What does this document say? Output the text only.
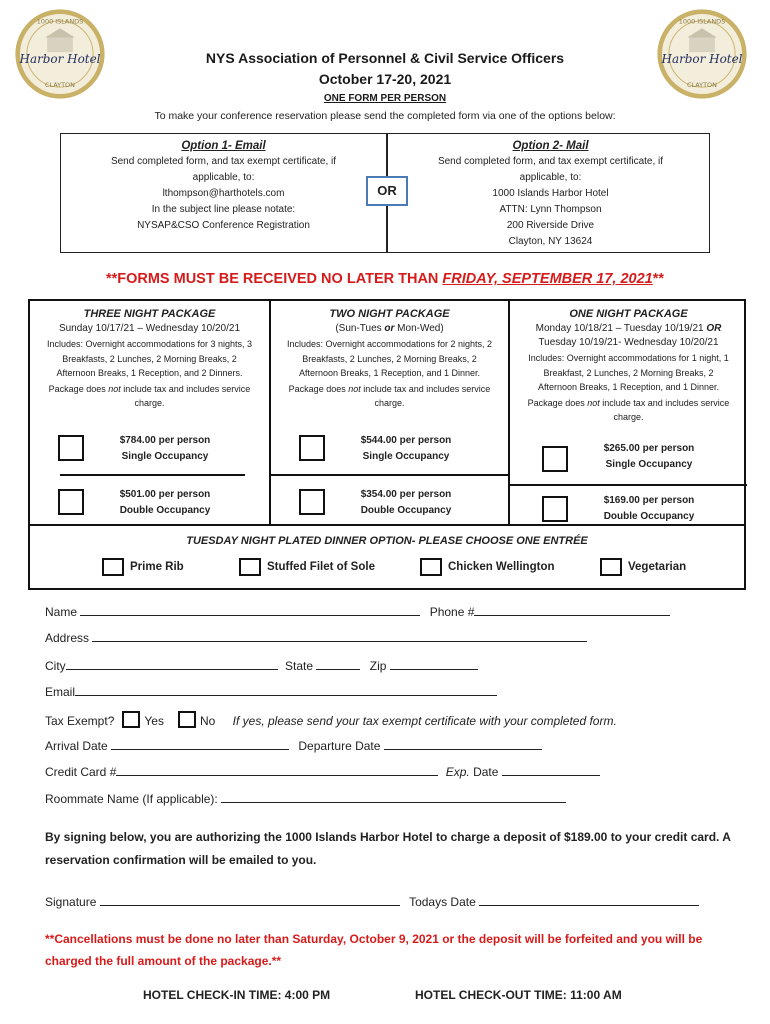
Harbor Hotel
1000 ISLANDS
CLAYTON
Harbor Hotel
1000 ISLANDS
CLAYTON
NYS Association of Personnel & Civil Service Officers
October 17-20, 2021
ONE FORM PER PERSON
To make your conference reservation please send the completed form via one of the options below:
Option 1- Email
Send completed form, and tax exempt certificate, if
applicable, to:
lthompson@harthotels.com
In the subject line please notate:
NYSAP&CSO Conference Registration
Option 2- Mail
Send completed form, and tax exempt certificate, if
applicable, to:
1000 Islands Harbor Hotel
ATTN: Lynn Thompson
200 Riverside Drive
Clayton, NY 13624
OR
**FORMS MUST BE RECEIVED NO LATER THAN FRIDAY, SEPTEMBER 17, 2021**
THREE NIGHT PACKAGE
Sunday 10/17/21 – Wednesday 10/20/21
Includes: Overnight accommodations for 3 nights, 3 Breakfasts, 2 Lunches, 2 Morning Breaks, 2 Afternoon Breaks, 1 Reception, and 2 Dinners.
Package does not include tax and includes service charge.
$784.00 per person
Single Occupancy
$501.00 per person
Double Occupancy
TWO NIGHT PACKAGE
(Sun-Tues or Mon-Wed)
Includes: Overnight accommodations for 2 nights, 2 Breakfasts, 2 Lunches, 2 Morning Breaks, 2 Afternoon Breaks, 1 Reception, and 1 Dinner.
Package does not include tax and includes service charge.
$544.00 per person
Single Occupancy
$354.00 per person
Double Occupancy
ONE NIGHT PACKAGE
Monday 10/18/21 – Tuesday 10/19/21 OR
Tuesday 10/19/21- Wednesday 10/20/21
Includes: Overnight accommodations for 1 night, 1 Breakfast, 2 Lunches, 2 Morning Breaks, 2 Afternoon Breaks, 1 Reception, and 1 Dinner.
Package does not include tax and includes service charge.
$265.00 per person
Single Occupancy
$169.00 per person
Double Occupancy
TUESDAY NIGHT PLATED DINNER OPTION- PLEASE CHOOSE ONE ENTRÉE
Prime Rib	Stuffed Filet of Sole	Chicken Wellington	Vegetarian
Name	Phone #
Address
City	State	Zip
Email
Tax Exempt?	Yes	No If yes, please send your tax exempt certificate with your completed form.
Arrival Date	Departure Date
Credit Card #	Exp. Date
Roommate Name (If applicable):
By signing below, you are authorizing the 1000 Islands Harbor Hotel to charge a deposit of $189.00 to your credit card. A reservation confirmation will be emailed to you.
Signature	Todays Date
**Cancellations must be done no later than Saturday, October 9, 2021 or the deposit will be forfeited and you will be charged the full amount of the package.**
HOTEL CHECK-IN TIME: 4:00 PM	HOTEL CHECK-OUT TIME: 11:00 AM
